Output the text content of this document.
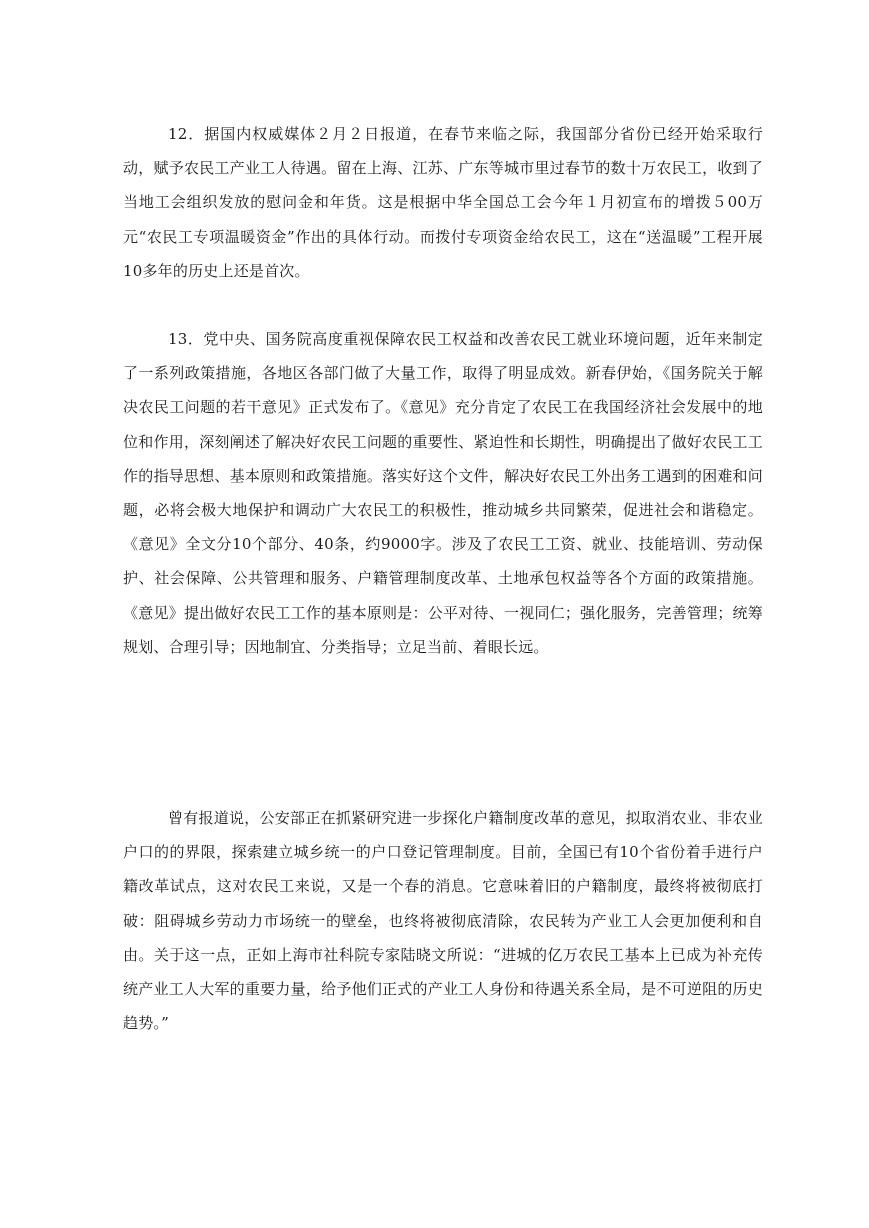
12．据国内权威媒体２月２日报道，在春节来临之际，我国部分省份已经开始采取行动，赋予农民工产业工人待遇。留在上海、江苏、广东等城市里过春节的数十万农民工，收到了当地工会组织发放的慰问金和年货。这是根据中华全国总工会今年１月初宣布的增拨５00万元“农民工专项温暖资金”作出的具体行动。而拨付专项资金给农民工，这在“送温暖”工程开展10多年的历史上还是首次。

13．党中央、国务院高度重视保障农民工权益和改善农民工就业环境问题，近年来制定了一系列政策措施，各地区各部门做了大量工作，取得了明显成效。新春伊始，《国务院关于解决农民工问题的若干意见》正式发布了。《意见》充分肯定了农民工在我国经济社会发展中的地位和作用，深刻阐述了解决好农民工问题的重要性、紧迫性和长期性，明确提出了做好农民工工作的指导思想、基本原则和政策措施。落实好这个文件，解决好农民工外出务工遇到的困难和问题，必将会极大地保护和调动广大农民工的积极性，推动城乡共同繁荣，促进社会和谐稳定。《意见》全文分10个部分、40条，约9000字。涉及了农民工工资、就业、技能培训、劳动保护、社会保障、公共管理和服务、户籍管理制度改革、土地承包权益等各个方面的政策措施。《意见》提出做好农民工工作的基本原则是：公平对待、一视同仁；强化服务，完善管理；统筹规划、合理引导；因地制宜、分类指导；立足当前、着眼长远。

曾有报道说，公安部正在抓紧研究进一步探化户籍制度改革的意见，拟取消农业、非农业户口的的界限，探索建立城乡统一的户口登记管理制度。目前，全国已有10个省份着手进行户籍改革试点，这对农民工来说，又是一个春的消息。它意味着旧的户籍制度，最终将被彻底打破：阻碍城乡劳动力市场统一的壁垒，也终将被彻底清除，农民转为产业工人会更加便利和自由。关于这一点，正如上海市社科院专家陆晓文所说：“进城的亿万农民工基本上已成为补充传统产业工人大军的重要力量，给予他们正式的产业工人身份和待遇关系全局，是不可逆阻的历史趋势。”
